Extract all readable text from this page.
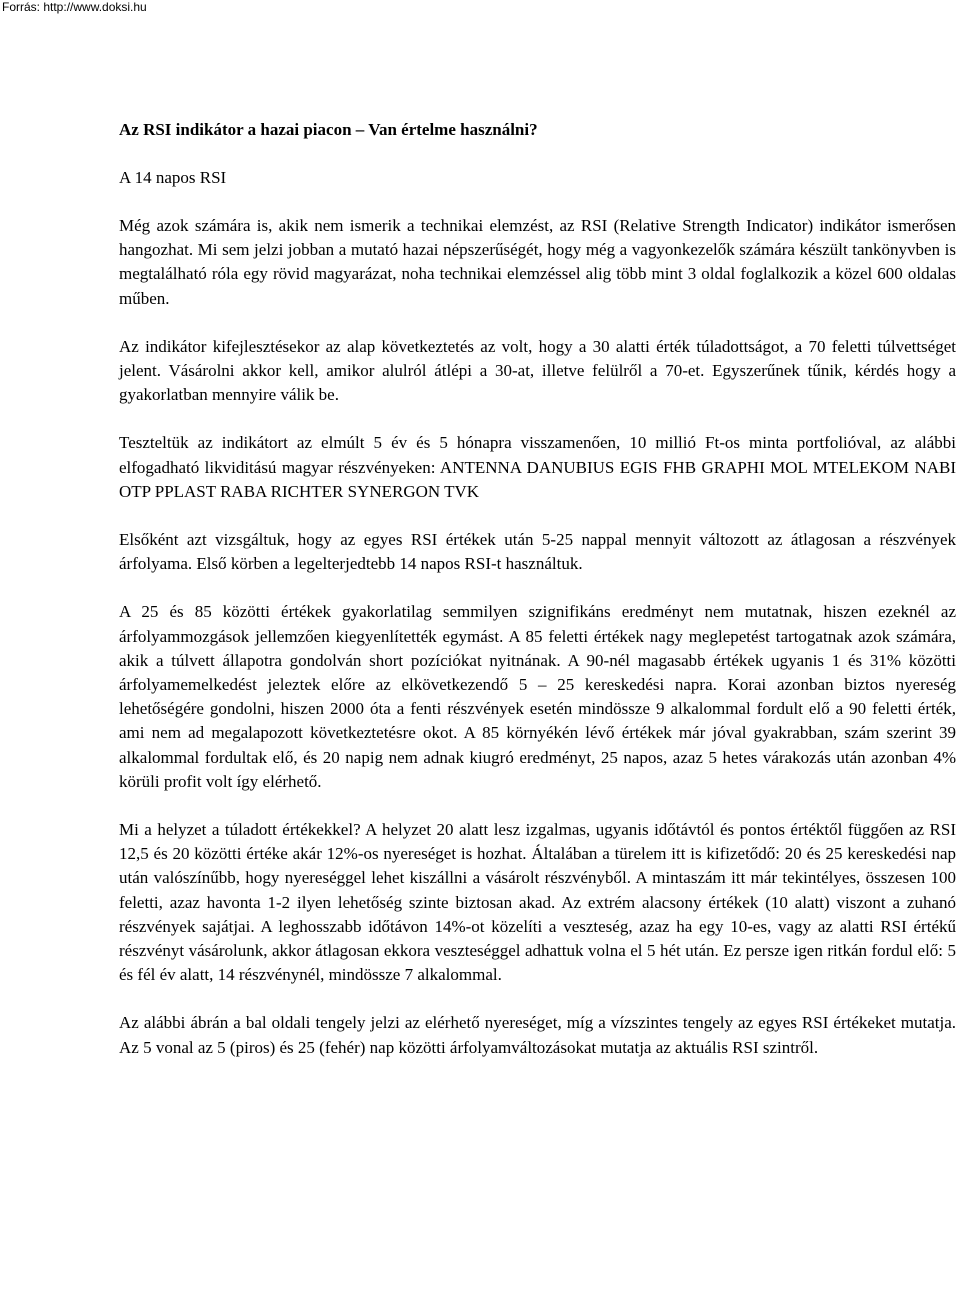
Forrás: http://www.doksi.hu
Az RSI indikátor a hazai piacon – Van értelme használni?
A 14 napos RSI

Még azok számára is, akik nem ismerik a technikai elemzést, az RSI (Relative Strength Indicator) indikátor ismerősen hangozhat. Mi sem jelzi jobban a mutató hazai népszerűségét, hogy még a vagyonkezelők számára készült tankönyvben is megtalálható róla egy rövid magyarázat, noha technikai elemzéssel alig több mint 3 oldal foglalkozik a közel 600 oldalas műben.

Az indikátor kifejlesztésekor az alap következtetés az volt, hogy a 30 alatti érték túladottságot, a 70 feletti túlvettséget jelent. Vásárolni akkor kell, amikor alulról átlépi a 30-at, illetve felülről a 70-et. Egyszerűnek tűnik, kérdés hogy a gyakorlatban mennyire válik be.

Teszteltük az indikátort az elmúlt 5 év és 5 hónapra visszamenően, 10 millió Ft-os minta portfolióval, az alábbi elfogadható likviditású magyar részvényeken: ANTENNA DANUBIUS EGIS FHB GRAPHI MOL MTELEKOM NABI OTP PPLAST RABA RICHTER SYNERGON TVK

Elsőként azt vizsgáltuk, hogy az egyes RSI értékek után 5-25 nappal mennyit változott az átlagosan a részvények árfolyama. Első körben a legelterjedtebb 14 napos RSI-t használtuk.

A 25 és 85 közötti értékek gyakorlatilag semmilyen szignifikáns eredményt nem mutatnak, hiszen ezeknél az árfolyammozgások jellemzően kiegyenlítették egymást. A 85 feletti értékek nagy meglepetést tartogatnak azok számára, akik a túlvett állapotra gondolván short pozíciókat nyitnának. A 90-nél magasabb értékek ugyanis 1 és 31% közötti árfolyamemelkedést jeleztek előre az elkövetkezendő 5 – 25 kereskedési napra. Korai azonban biztos nyereség lehetőségére gondolni, hiszen 2000 óta a fenti részvények esetén mindössze 9 alkalommal fordult elő a 90 feletti érték, ami nem ad megalapozott következtetésre okot. A 85 környékén lévő értékek már jóval gyakrabban, szám szerint 39 alkalommal fordultak elő, és 20 napig nem adnak kiugró eredményt, 25 napos, azaz 5 hetes várakozás után azonban 4% körüli profit volt így elérhető.

Mi a helyzet a túladott értékekkel? A helyzet 20 alatt lesz izgalmas, ugyanis időtávtól és pontos értéktől függően az RSI 12,5 és 20 közötti értéke akár 12%-os nyereséget is hozhat. Általában a türelem itt is kifizetődő: 20 és 25 kereskedési nap után valószínűbb, hogy nyereséggel lehet kiszállni a vásárolt részvényből. A mintaszám itt már tekintélyes, összesen 100 feletti, azaz havonta 1-2 ilyen lehetőség szinte biztosan akad. Az extrém alacsony értékek (10 alatt) viszont a zuhanó részvények sajátjai. A leghosszabb időtávon 14%-ot közelíti a veszteség, azaz ha egy 10-es, vagy az alatti RSI értékű részvényt vásárolunk, akkor átlagosan ekkora veszteséggel adhattuk volna el 5 hét után. Ez persze igen ritkán fordul elő: 5 és fél év alatt, 14 részvénynél, mindössze 7 alkalommal.

Az alábbi ábrán a bal oldali tengely jelzi az elérhető nyereséget, míg a vízszintes tengely az egyes RSI értékeket mutatja. Az 5 vonal az 5 (piros) és 25 (fehér) nap közötti árfolyamváltozásokat mutatja az aktuális RSI szintről.
